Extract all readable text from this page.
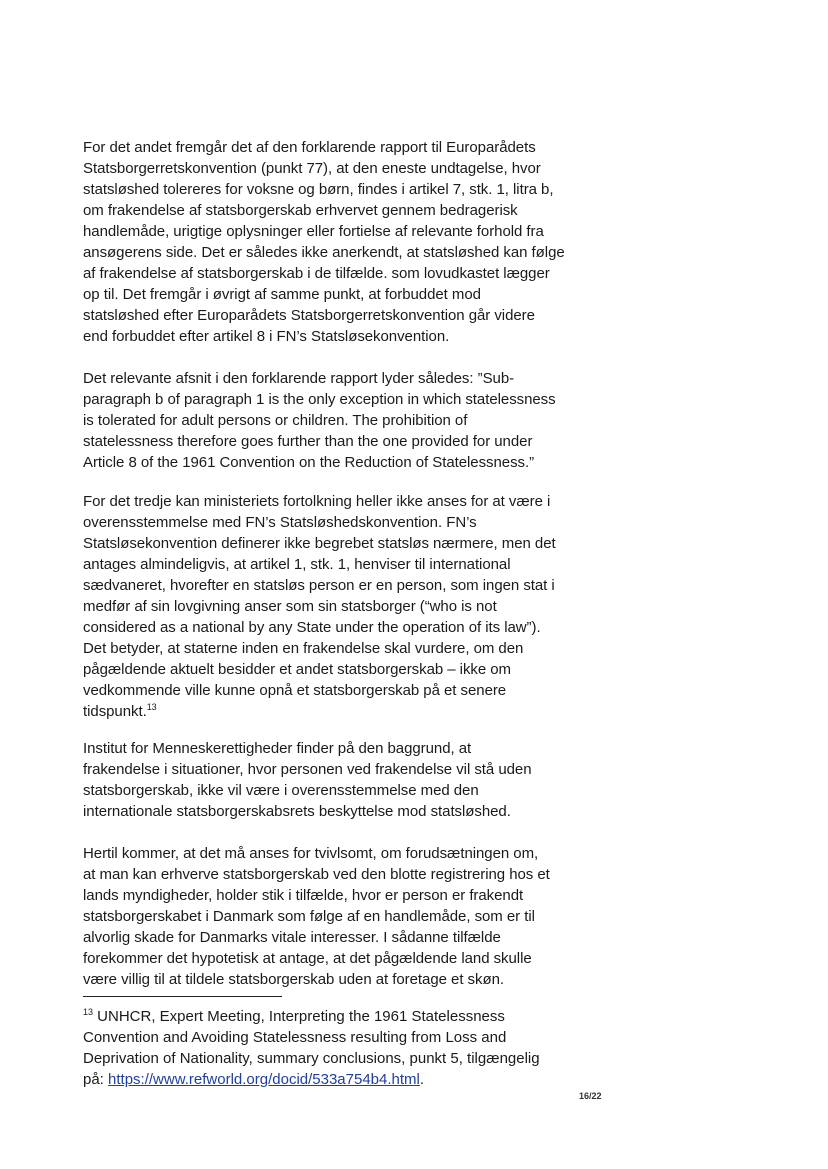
For det andet fremgår det af den forklarende rapport til Europarådets
Statsborgerretskonvention (punkt 77), at den eneste undtagelse, hvor
statsløshed tolereres for voksne og børn, findes i artikel 7, stk. 1, litra b,
om frakendelse af statsborgerskab erhvervet gennem bedragerisk
handlemåde, urigtige oplysninger eller fortielse af relevante forhold fra
ansøgerens side. Det er således ikke anerkendt, at statsløshed kan følge
af frakendelse af statsborgerskab i de tilfælde. som lovudkastet lægger
op til. Det fremgår i øvrigt af samme punkt, at forbuddet mod
statsløshed efter Europarådets Statsborgerretskonvention går videre
end forbuddet efter artikel 8 i FN’s Statsløsekonvention.
Det relevante afsnit i den forklarende rapport lyder således: ”Sub-
paragraph b of paragraph 1 is the only exception in which statelessness
is tolerated for adult persons or children. The prohibition of
statelessness therefore goes further than the one provided for under
Article 8 of the 1961 Convention on the Reduction of Statelessness.”
For det tredje kan ministeriets fortolkning heller ikke anses for at være i
overensstemmelse med FN’s Statsløshedskonvention. FN’s
Statsløsekonvention definerer ikke begrebet statsløs nærmere, men det
antages almindeligvis, at artikel 1, stk. 1, henviser til international
sædvaneret, hvorefter en statsløs person er en person, som ingen stat i
medfør af sin lovgivning anser som sin statsborger (“who is not
considered as a national by any State under the operation of its law”).
Det betyder, at staterne inden en frakendelse skal vurdere, om den
pågældende aktuelt besidder et andet statsborgerskab – ikke om
vedkommende ville kunne opnå et statsborgerskab på et senere
tidspunkt.$^{13}$
Institut for Menneskerettigheder finder på den baggrund, at
frakendelse i situationer, hvor personen ved frakendelse vil stå uden
statsborgerskab, ikke vil være i overensstemmelse med den
internationale statsborgerskabsrets beskyttelse mod statsløshed.
Hertil kommer, at det må anses for tvivlsomt, om forudsætningen om,
at man kan erhverve statsborgerskab ved den blotte registrering hos et
lands myndigheder, holder stik i tilfælde, hvor er person er frakendt
statsborgerskabet i Danmark som følge af en handlemåde, som er til
alvorlig skade for Danmarks vitale interesser. I sådanne tilfælde
forekommer det hypotetisk at antage, at det pågældende land skulle
være villig til at tildele statsborgerskab uden at foretage et skøn.
$^{13}$ UNHCR, Expert Meeting, Interpreting the 1961 Statelessness
Convention and Avoiding Statelessness resulting from Loss and
Deprivation of Nationality, summary conclusions, punkt 5, tilgængelig
på: https://www.refworld.org/docid/533a754b4.html.
16/22
